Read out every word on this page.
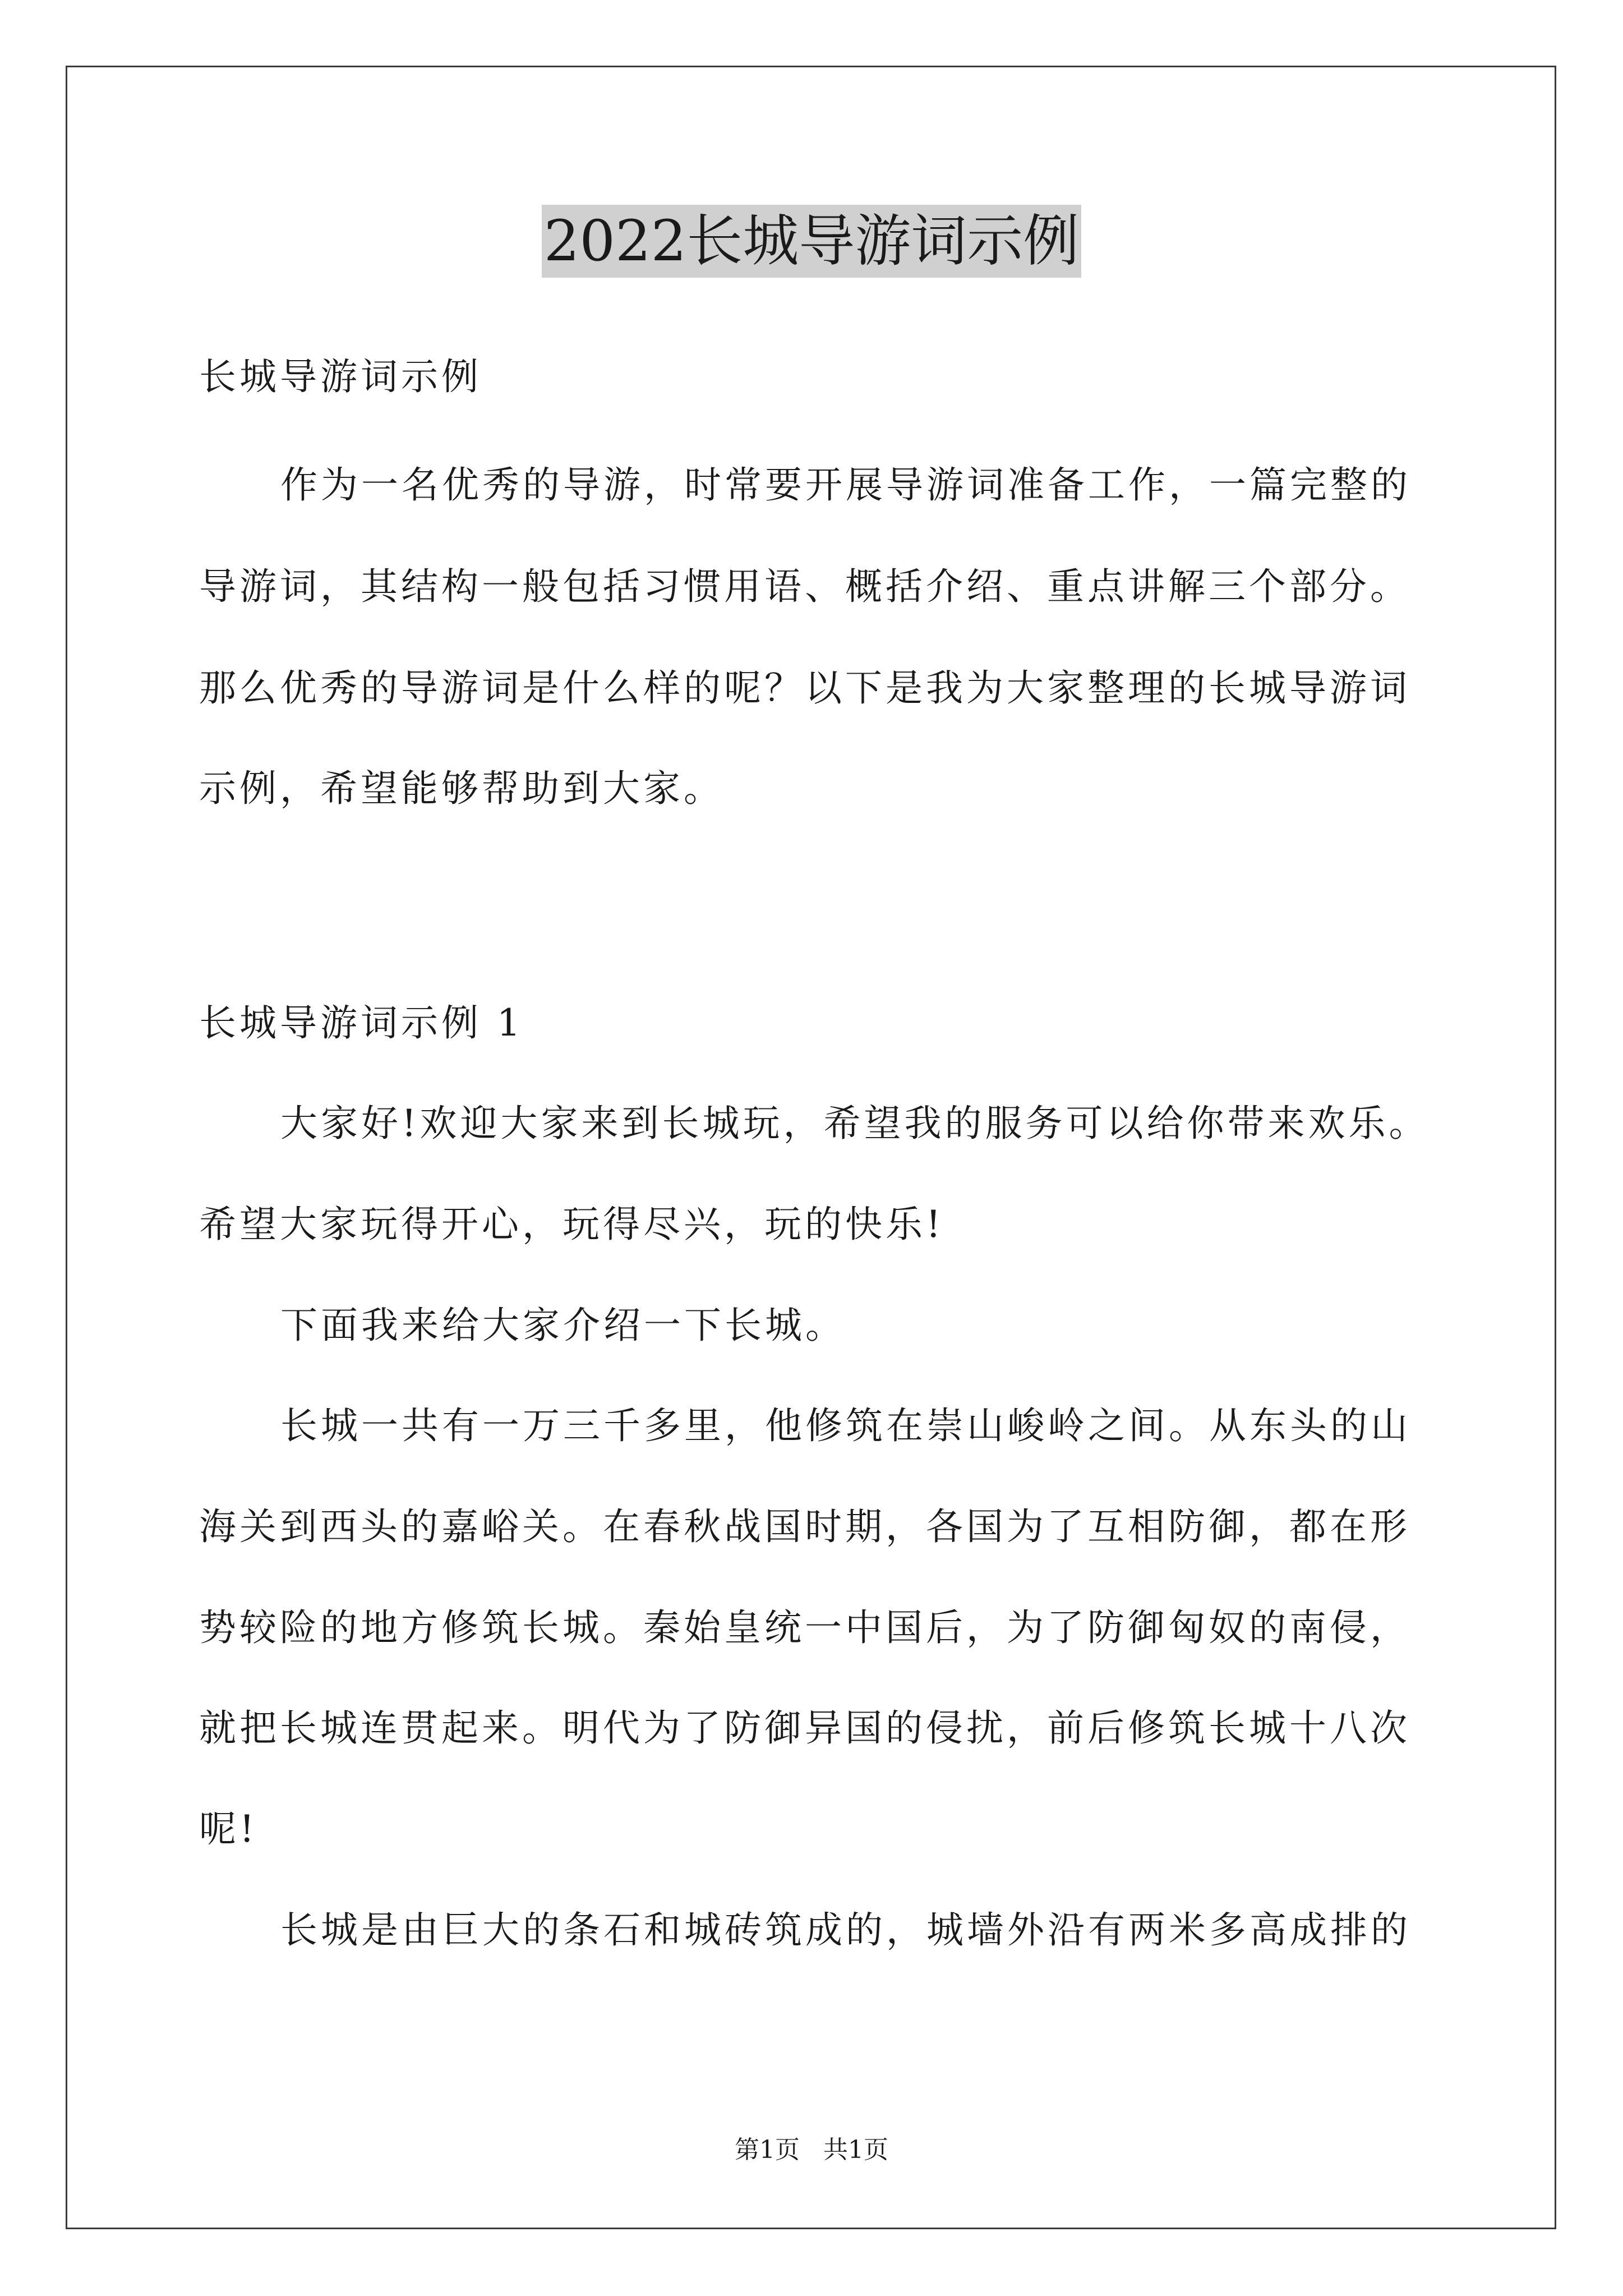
2022长城导游词示例
长城导游词示例
作为一名优秀的导游，时常要开展导游词准备工作，一篇完整的
导游词，其结构一般包括习惯用语、概括介绍、重点讲解三个部分。
那么优秀的导游词是什么样的呢？以下是我为大家整理的长城导游词
示例，希望能够帮助到大家。
长城导游词示例 1
大家好!欢迎大家来到长城玩，希望我的服务可以给你带来欢乐。
希望大家玩得开心，玩得尽兴，玩的快乐!
下面我来给大家介绍一下长城。
长城一共有一万三千多里，他修筑在崇山峻岭之间。从东头的山
海关到西头的嘉峪关。在春秋战国时期，各国为了互相防御，都在形
势较险的地方修筑长城。秦始皇统一中国后，为了防御匈奴的南侵，
就把长城连贯起来。明代为了防御异国的侵扰，前后修筑长城十八次
呢!
长城是由巨大的条石和城砖筑成的，城墙外沿有两米多高成排的
第1页   共1页
